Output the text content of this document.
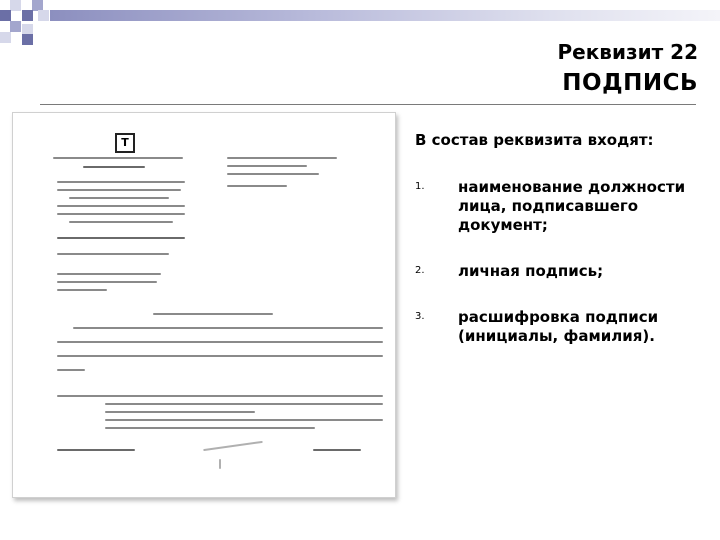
Реквизит 22
ПОДПИСЬ
T	В состав реквизита входят:
1. наименование должности лица, подписавшего документ;
2. личная подпись;
3. расшифровка подписи (инициалы, фамилия).
